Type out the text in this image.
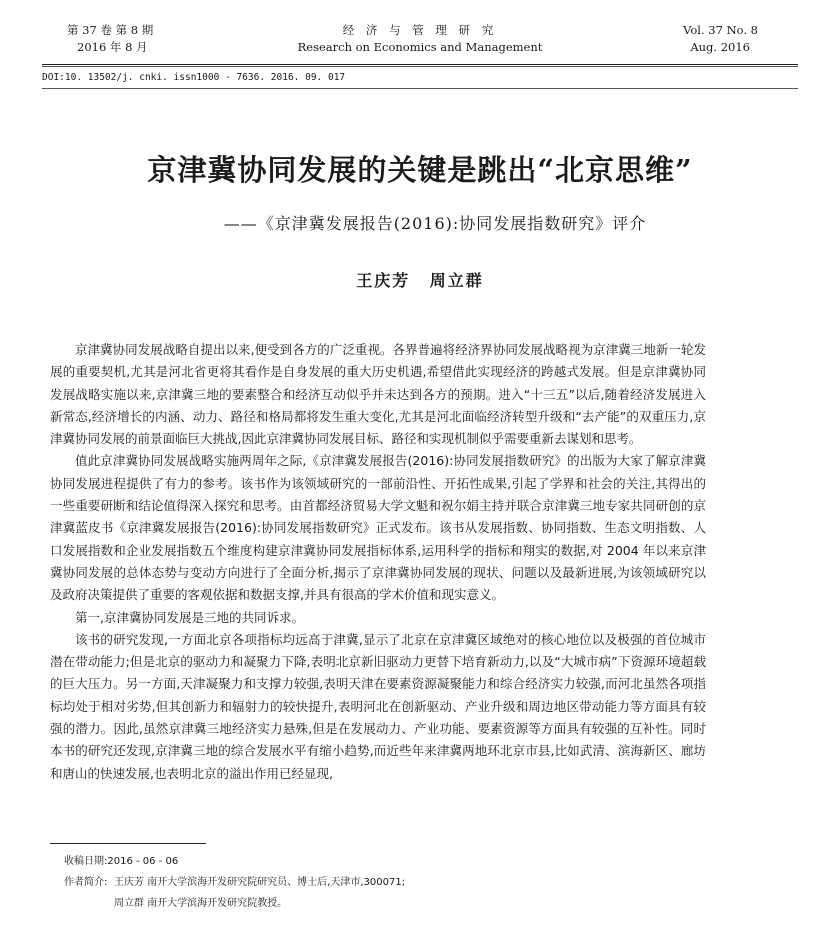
第 37 卷 第 8 期
2016 年 8 月
经 济 与 管 理 研 究
Research on Economics and Management
Vol. 37 No. 8
Aug. 2016
DOI:10. 13502/j. cnki. issn1000 - 7636. 2016. 09. 017
京津冀协同发展的关键是跳出“北京思维”
——《京津冀发展报告(2016):协同发展指数研究》评介
王庆芳 周立群

京津冀协同发展战略自提出以来,便受到各方的广泛重视。各界普遍将经济界协同发展战略视为京津冀三地新一轮发展的重要契机,尤其是河北省更将其看作是自身发展的重大历史机遇,希望借此实现经济的跨越式发展。但是京津冀协同发展战略实施以来,京津冀三地的要素整合和经济互动似乎并未达到各方的预期。进入“十三五”以后,随着经济发展进入新常态,经济增长的内涵、动力、路径和格局都将发生重大变化,尤其是河北面临经济转型升级和“去产能”的双重压力,京津冀协同发展的前景面临巨大挑战,因此京津冀协同发展目标、路径和实现机制似乎需要重新去谋划和思考。

值此京津冀协同发展战略实施两周年之际,《京津冀发展报告(2016):协同发展指数研究》的出版为大家了解京津冀协同发展进程提供了有力的参考。该书作为该领域研究的一部前沿性、开拓性成果,引起了学界和社会的关注,其得出的一些重要研断和结论值得深入探究和思考。由首都经济贸易大学文魁和祝尔娟主持并联合京津冀三地专家共同研创的京津冀蓝皮书《京津冀发展报告(2016):协同发展指数研究》正式发布。该书从发展指数、协同指数、生态文明指数、人口发展指数和企业发展指数五个维度构建京津冀协同发展指标体系,运用科学的指标和翔实的数据,对 2004 年以来京津冀协同发展的总体态势与变动方向进行了全面分析,揭示了京津冀协同发展的现状、问题以及最新进展,为该领域研究以及政府决策提供了重要的客观依据和数据支撑,并具有很高的学术价值和现实意义。

第一,京津冀协同发展是三地的共同诉求。

该书的研究发现,一方面北京各项指标均远高于津冀,显示了北京在京津冀区域绝对的核心地位以及极强的首位城市潜在带动能力;但是北京的驱动力和凝聚力下降,表明北京新旧驱动力更替下培育新动力,以及“大城市病”下资源环境超载的巨大压力。另一方面,天津凝聚力和支撑力较强,表明天津在要素资源凝聚能力和综合经济实力较强,而河北虽然各项指标均处于相对劣势,但其创新力和辐射力的较快提升,表明河北在创新驱动、产业升级和周边地区带动能力等方面具有较强的潜力。因此,虽然京津冀三地经济实力悬殊,但是在发展动力、产业功能、要素资源等方面具有较强的互补性。同时本书的研究还发现,京津冀三地的综合发展水平有缩小趋势,而近些年来津冀两地环北京市县,比如武清、滨海新区、廊坊和唐山的快速发展,也表明北京的溢出作用已经显现,

收稿日期:2016 - 06 - 06
作者简介: 王庆芳 南开大学滨海开发研究院研究员、博士后,天津市,300071;
周立群 南开大学滨海开发研究院教授。
